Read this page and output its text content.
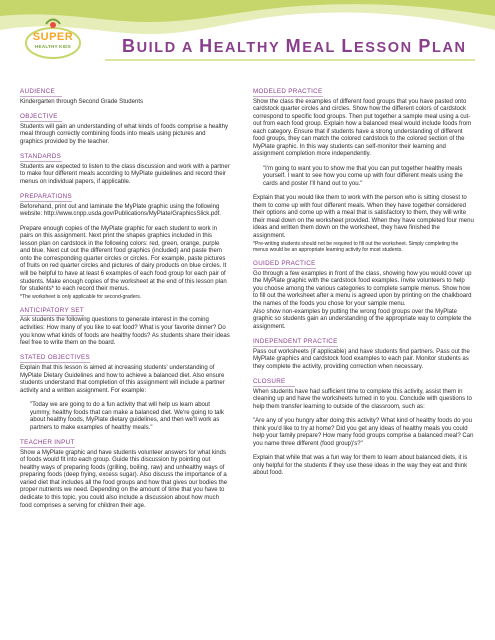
SUPER
HEALTHY KIDS	BUILD A HEALTHY MEAL LESSON PLAN
AUDIENCE

Kindergarten through Second Grade Students

OBJECTIVE

Students will gain an understanding of what kinds of foods comprise a healthy meal through correctly combining foods into meals using pictures and graphics provided by the teacher.

STANDARDS

Students are expected to listen to the class discussion and work with a partner to make four different meals according to MyPlate guidelines and record their menus on individual papers, if applicable.

PREPARATIONS

Beforehand, print out and laminate the MyPlate graphic using the following website: http://www.cnpp.usda.gov/Publications/MyPlate/GraphicsSlick.pdf.

Prepare enough copies of the MyPlate graphic for each student to work in pairs on this assignment. Next print the shapes graphics included in this lesson plan on cardstock in the following colors: red, green, orange, purple and blue. Next cut out the different food graphics (included) and paste them onto the corresponding quarter circles or circles. For example, paste pictures of fruits on red quarter circles and pictures of dairy products on blue circles. It will be helpful to have at least 6 examples of each food group for each pair of students. Make enough copies of the worksheet at the end of this lesson plan for students* to each record their menus.

*The worksheet is only applicable for second-graders.

ANTICIPATORY SET

Ask students the following questions to generate interest in the coming activities: How many of you like to eat food? What is your favorite dinner? Do you know what kinds of foods are healthy foods? As students share their ideas feel free to write them on the board.

STATED OBJECTIVES

Explain that this lesson is aimed at increasing students' understanding of MyPlate Dietary Guidelines and how to achieve a balanced diet. Also ensure students understand that completion of this assignment will include a partner activity and a written assignment. For example:

"Today we are going to do a fun activity that will help us learn about yummy, healthy foods that can make a balanced diet. We're going to talk about healthy foods, MyPlate dietary guidelines, and then we'll work as partners to make examples of healthy meals."

TEACHER INPUT

Show a MyPlate graphic and have students volunteer answers for what kinds of foods would fit into each group. Guide this discussion by pointing out healthy ways of preparing foods (grilling, boiling, raw) and unhealthy ways of preparing foods (deep frying, excess sugar). Also discuss the importance of a varied diet that includes all the food groups and how that gives our bodies the proper nutrients we need. Depending on the amount of time that you have to dedicate to this topic, you could also include a discussion about how much food comprises a serving for children their age.

MODELED PRACTICE

Show the class the examples of different food groups that you have pasted onto cardstock quarter circles and circles. Show how the different colors of cardstock correspond to specific food groups. Then put together a sample meal using a cut-out from each food group. Explain how a balanced meal would include foods from each category. Ensure that if students have a strong understanding of different food groups, they can match the colored cardstock to the colored section of the MyPlate graphic. In this way students can self-monitor their learning and assignment completion more independently.

"I'm going to want you to show me that you can put together healthy meals yourself. I want to see how you come up with four different meals using the cards and poster I'll hand out to you."

Explain that you would like them to work with the person who is sitting closest to them to come up with four different meals. When they have together considered their options and come up with a meal that is satisfactory to them, they will write their meal down on the worksheet provided. When they have completed four menu ideas and written them down on the worksheet, they have finished the assignment.

*Pre-writing students should not be required to fill out the worksheet. Simply completing the menus would be an appropriate learning activity for most students.

GUIDED PRACTICE

Go through a few examples in front of the class, showing how you would cover up the MyPlate graphic with the cardstock food examples. Invite volunteers to help you choose among the various categories to complete sample menus. Show how to fill out the worksheet after a menu is agreed upon by printing on the chalkboard the names of the foods you chose for your sample menu.

Also show non-examples by putting the wrong food groups over the MyPlate graphic so students gain an understanding of the appropriate way to complete the assignment.

INDEPENDENT PRACTICE

Pass out worksheets (if applicable) and have students find partners. Pass out the MyPlate graphics and cardstock food examples to each pair. Monitor students as they complete the activity, providing correction when necessary.

CLOSURE

When students have had sufficient time to complete this activity, assist them in cleaning up and have the worksheets turned in to you. Conclude with questions to help them transfer learning to outside of the classroom, such as:

"Are any of you hungry after doing this activity? What kind of healthy foods do you think you'd like to try at home? Did you get any ideas of healthy meals you could help your family prepare? How many food groups comprise a balanced meal? Can you name three different (food group)'s?"

Explain that while that was a fun way for them to learn about balanced diets, it is only helpful for the students if they use these ideas in the way they eat and think about food.
